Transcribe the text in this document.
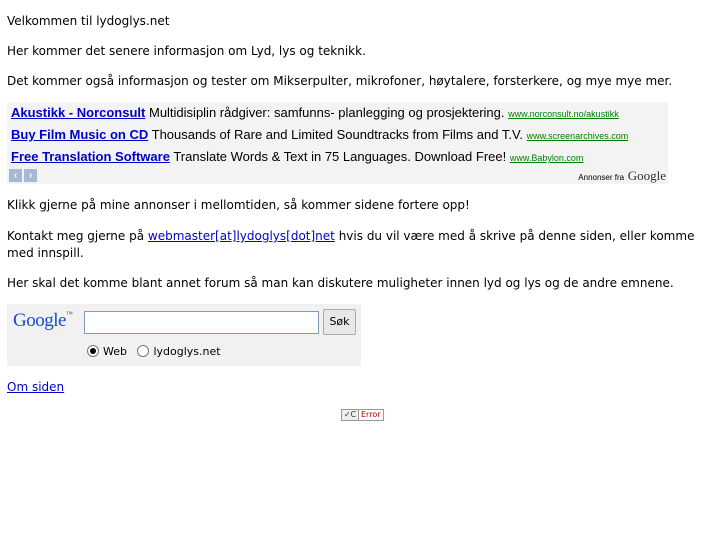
Velkommen til lydoglys.net

Her kommer det senere informasjon om Lyd, lys og teknikk.

Det kommer også informasjon og tester om Mikserpulter, mikrofoner, høytalere, forsterkere, og mye mye mer.

Akustikk - Norconsult Multidisiplin rådgiver: samfunns- planlegging og prosjektering. www.norconsult.no/akustikk
Buy Film Music on CD Thousands of Rare and Limited Soundtracks from Films and T.V. www.screenarchives.com
Free Translation Software Translate Words & Text in 75 Languages. Download Free! www.Babylon.com
‹	›	Annonser fra Google

Klikk gjerne på mine annonser i mellomtiden, så kommer sidene fortere opp!

Kontakt meg gjerne på webmaster[at]lydoglys[dot]net hvis du vil være med å skrive på denne siden, eller komme med innspill.

Her skal det komme blant annet forum så man kan diskutere muligheter innen lyd og lys og de andre emnene.

Google™
Søk
Web lydoglys.net

Om siden

✓C Error
